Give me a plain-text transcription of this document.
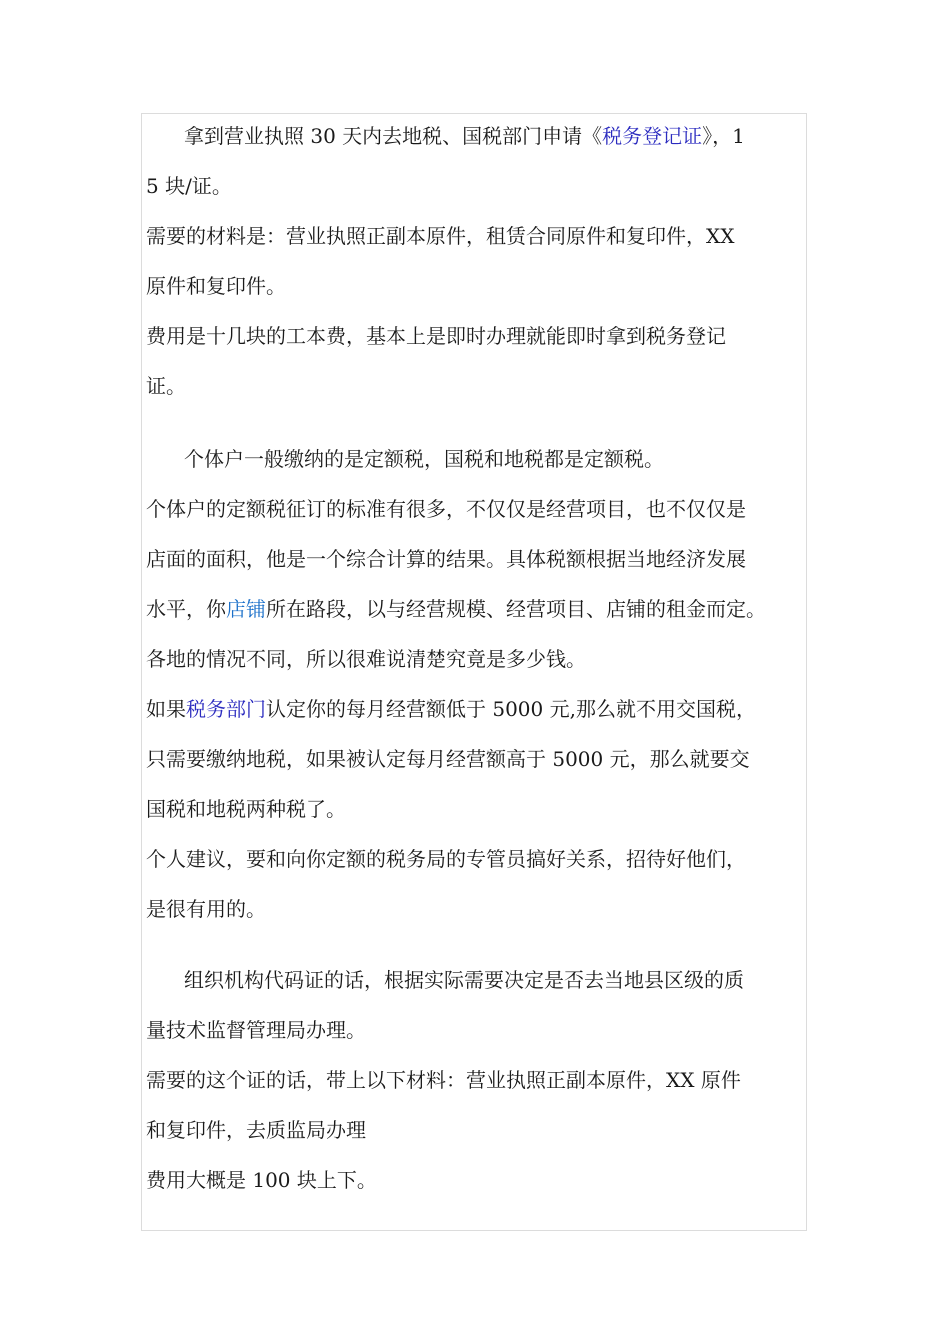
拿到营业执照 30 天内去地税、国税部门申请《税务登记证》，1
5 块/证。
需要的材料是：营业执照正副本原件，租赁合同原件和复印件，XX
原件和复印件。
费用是十几块的工本费，基本上是即时办理就能即时拿到税务登记
证。
个体户一般缴纳的是定额税，国税和地税都是定额税。
个体户的定额税征订的标准有很多，不仅仅是经营项目，也不仅仅是
店面的面积，他是一个综合计算的结果。具体税额根据当地经济发展
水平，你店铺所在路段，以与经营规模、经营项目、店铺的租金而定。
各地的情况不同，所以很难说清楚究竟是多少钱。
如果税务部门认定你的每月经营额低于 5000 元,那么就不用交国税，
只需要缴纳地税，如果被认定每月经营额高于 5000 元，那么就要交
国税和地税两种税了。
个人建议，要和向你定额的税务局的专管员搞好关系，招待好他们，
是很有用的。
组织机构代码证的话，根据实际需要决定是否去当地县区级的质
量技术监督管理局办理。
需要的这个证的话，带上以下材料：营业执照正副本原件，XX 原件
和复印件，去质监局办理
费用大概是 100 块上下。
